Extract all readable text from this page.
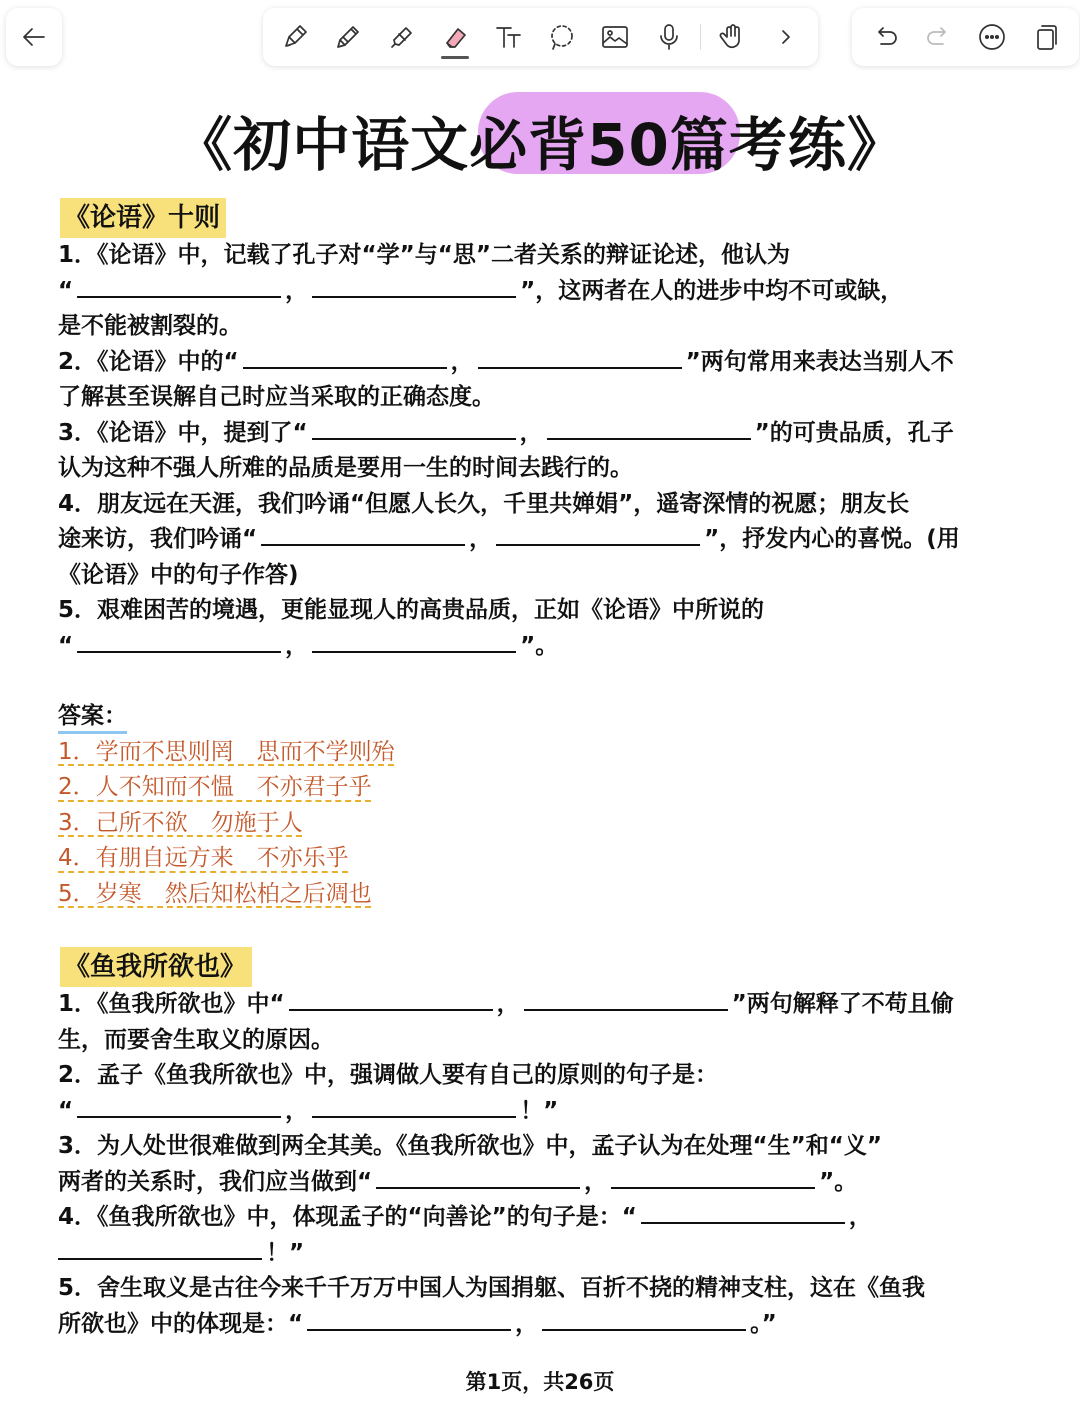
《初中语文必背50篇考练》
《论语》十则

1．《论语》中，记载了孔子对“学”与“思”二者关系的辩证论述，他认为

“	，	”，这两者在人的进步中均不可或缺，

是不能被割裂的。

2．《论语》中的“	，	”两句常用来表达当别人不

了解甚至误解自己时应当采取的正确态度。

3．《论语》中，提到了“	，	”的可贵品质，孔子

认为这种不强人所难的品质是要用一生的时间去践行的。

4．朋友远在天涯，我们吟诵“但愿人长久，千里共婵娟”，遥寄深情的祝愿；朋友长

途来访，我们吟诵“	，	”，抒发内心的喜悦。(用

《论语》中的句子作答)

5．艰难困苦的境遇，更能显现人的高贵品质，正如《论语》中所说的

“	，	”。

答案：

1．学而不思则罔　思而不学则殆

2．人不知而不愠　不亦君子乎

3．己所不欲　勿施于人

4．有朋自远方来　不亦乐乎

5．岁寒　然后知松柏之后凋也

《鱼我所欲也》

1．《鱼我所欲也》中“	，	”两句解释了不苟且偷

生，而要舍生取义的原因。

2．孟子《鱼我所欲也》中，强调做人要有自己的原则的句子是：

“	，	！”

3．为人处世很难做到两全其美。《鱼我所欲也》中，孟子认为在处理“生”和“义”

两者的关系时，我们应当做到“	，	”。

4．《鱼我所欲也》中，体现孟子的“向善论”的句子是：“	，

！”

5．舍生取义是古往今来千千万万中国人为国捐躯、百折不挠的精神支柱，这在《鱼我

所欲也》中的体现是：“	，	。”

第1页，共26页
